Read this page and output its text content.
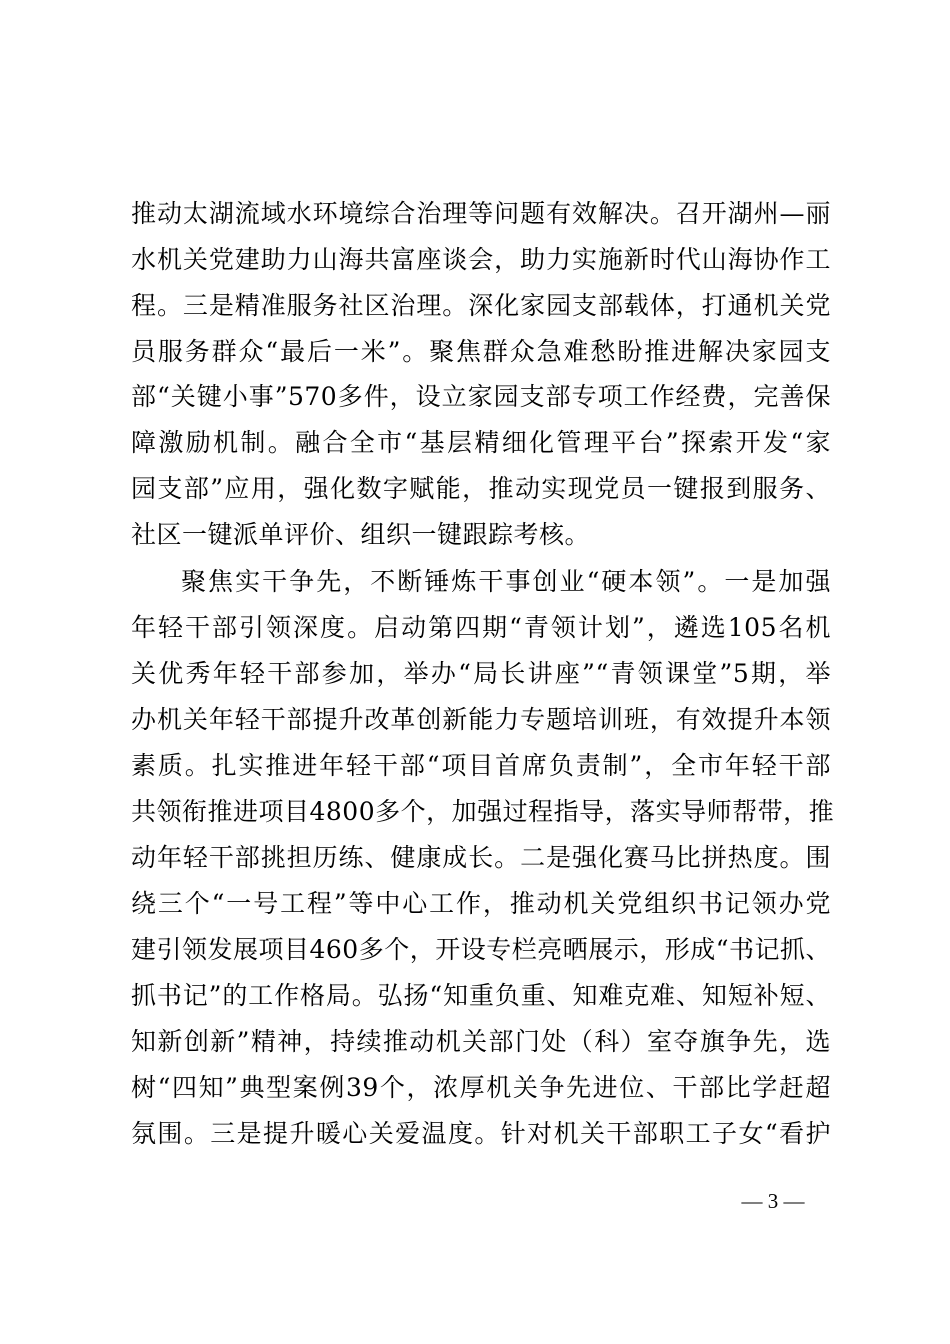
推动太湖流域水环境综合治理等问题有效解决。召开湖州—丽
水机关党建助力山海共富座谈会，助力实施新时代山海协作工
程。三是精准服务社区治理。深化家园支部载体，打通机关党
员服务群众“最后一米”。聚焦群众急难愁盼推进解决家园支
部“关键小事”570多件，设立家园支部专项工作经费，完善保
障激励机制。融合全市“基层精细化管理平台”探索开发“家
园支部”应用，强化数字赋能，推动实现党员一键报到服务、
社区一键派单评价、组织一键跟踪考核。
聚焦实干争先，不断锤炼干事创业“硬本领”。一是加强
年轻干部引领深度。启动第四期“青领计划”，遴选105名机
关优秀年轻干部参加，举办“局长讲座”“青领课堂”5期，举
办机关年轻干部提升改革创新能力专题培训班，有效提升本领
素质。扎实推进年轻干部“项目首席负责制”，全市年轻干部
共领衔推进项目4800多个，加强过程指导，落实导师帮带，推
动年轻干部挑担历练、健康成长。二是强化赛马比拼热度。围
绕三个“一号工程”等中心工作，推动机关党组织书记领办党
建引领发展项目460多个，开设专栏亮晒展示，形成“书记抓、
抓书记”的工作格局。弘扬“知重负重、知难克难、知短补短、
知新创新”精神，持续推动机关部门处（科）室夺旗争先，选
树“四知”典型案例39个，浓厚机关争先进位、干部比学赶超
氛围。三是提升暖心关爱温度。针对机关干部职工子女“看护
— 3 —
